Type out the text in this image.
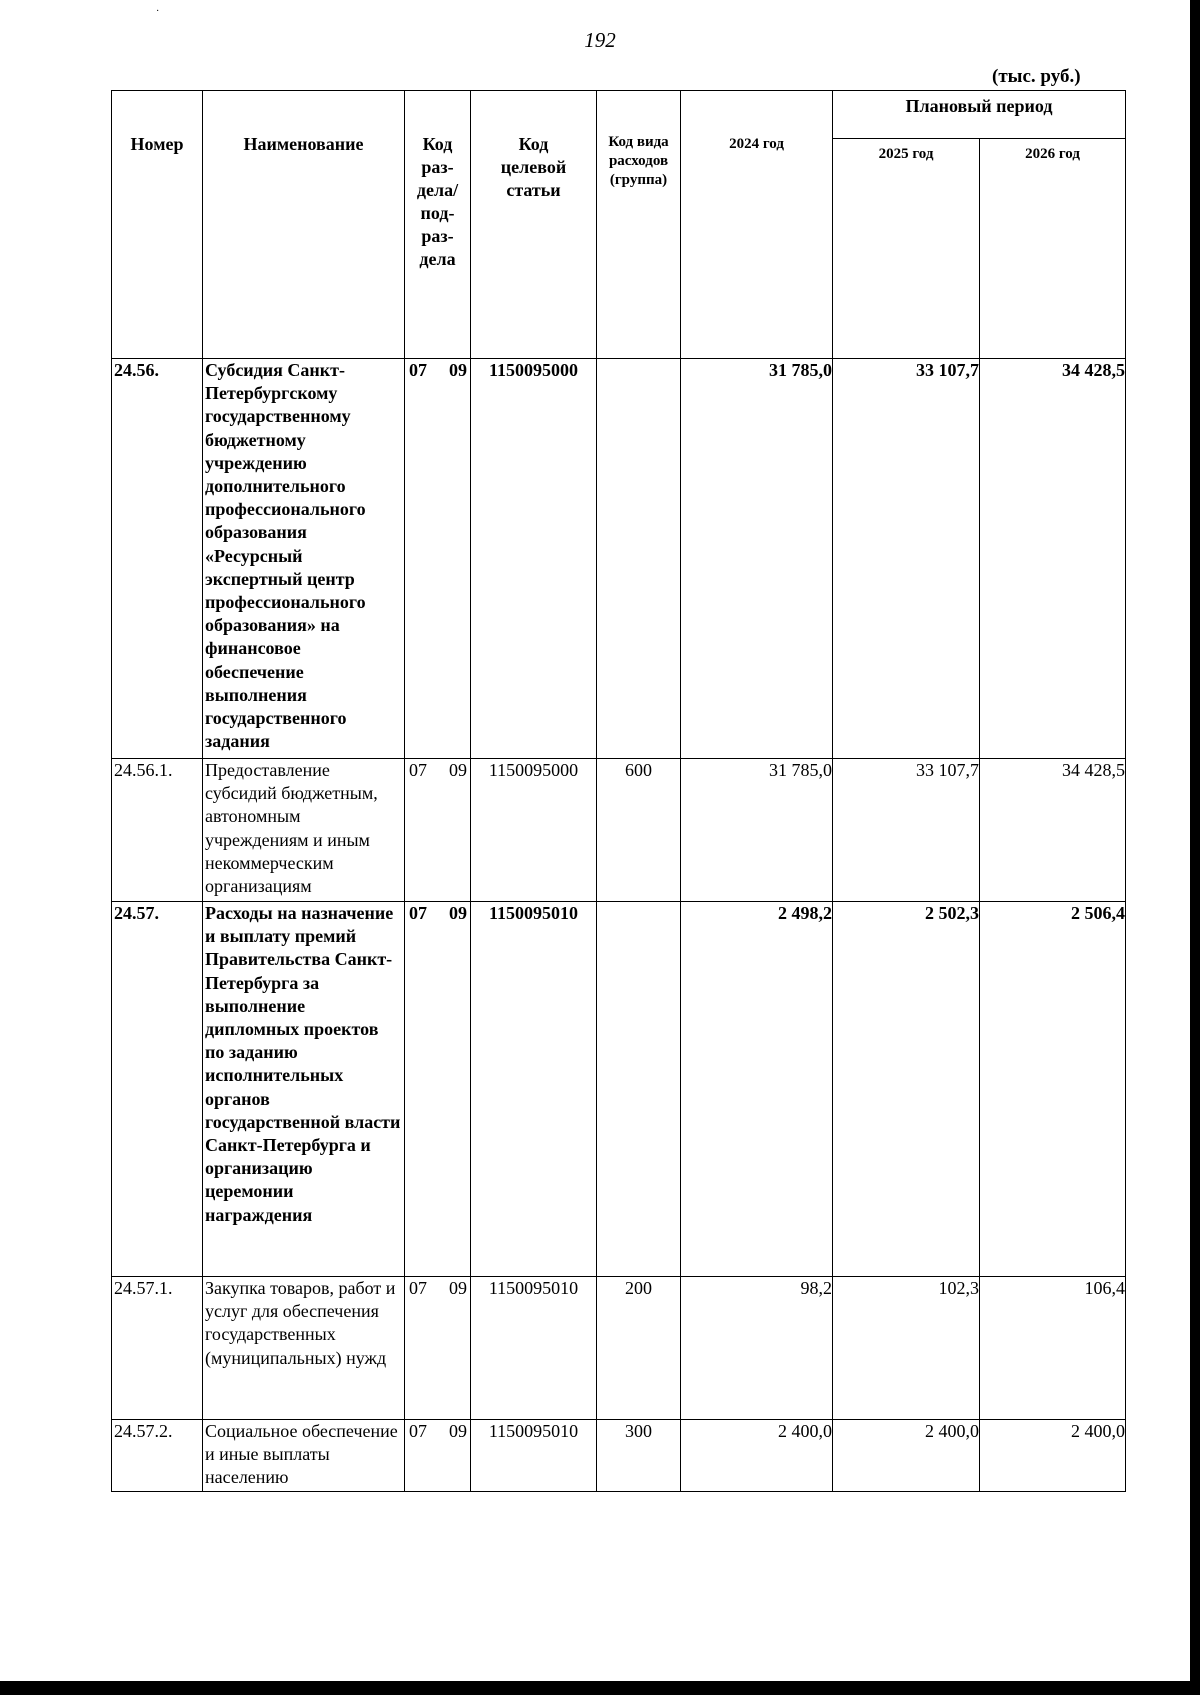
·
192
(тыс. руб.)
Номер	Наименование	Код раз-дела/ под-раз-дела	Код целевой статьи	Код вида расходов (группа)	2024 год	Плановый период	
						2025 год	2026 год
24.56.	Субсидия Санкт-Петербургскому государственному бюджетному учреждению дополнительного профессионального образования «Ресурсный экспертный центр профессионального образования» на финансовое обеспечение выполнения государственного задания	07 09	1150095000		31 785,0	33 107,7	34 428,5
24.56.1.	Предоставление субсидий бюджетным, автономным учреждениям и иным некоммерческим организациям	07 09	1150095000	600	31 785,0	33 107,7	34 428,5
24.57.	Расходы на назначение и выплату премий Правительства Санкт-Петербурга за выполнение дипломных проектов по заданию исполнительных органов государственной власти Санкт-Петербурга и организацию церемонии награждения	07 09	1150095010		2 498,2	2 502,3	2 506,4
24.57.1.	Закупка товаров, работ и услуг для обеспечения государственных (муниципальных) нужд	07 09	1150095010	200	98,2	102,3	106,4
24.57.2.	Социальное обеспечение и иные выплаты населению	07 09	1150095010	300	2 400,0	2 400,0	2 400,0
